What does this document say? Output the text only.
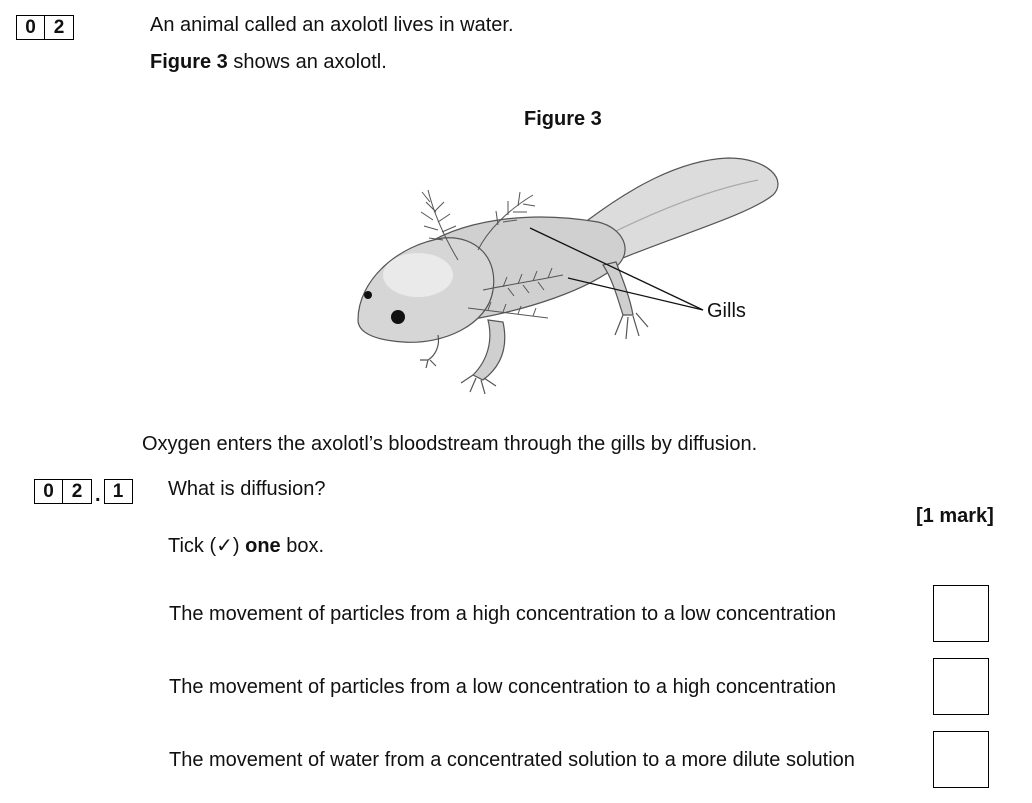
0 2	An animal called an axolotl lives in water.
Figure 3 shows an axolotl.
Figure 3
Gills
Oxygen enters the axolotl’s bloodstream through the gills by diffusion.
0 2 . 1	What is diffusion?
[1 mark]
Tick (✓) one box.
The movement of particles from a high concentration to a low concentration
The movement of particles from a low concentration to a high concentration
The movement of water from a concentrated solution to a more dilute solution
